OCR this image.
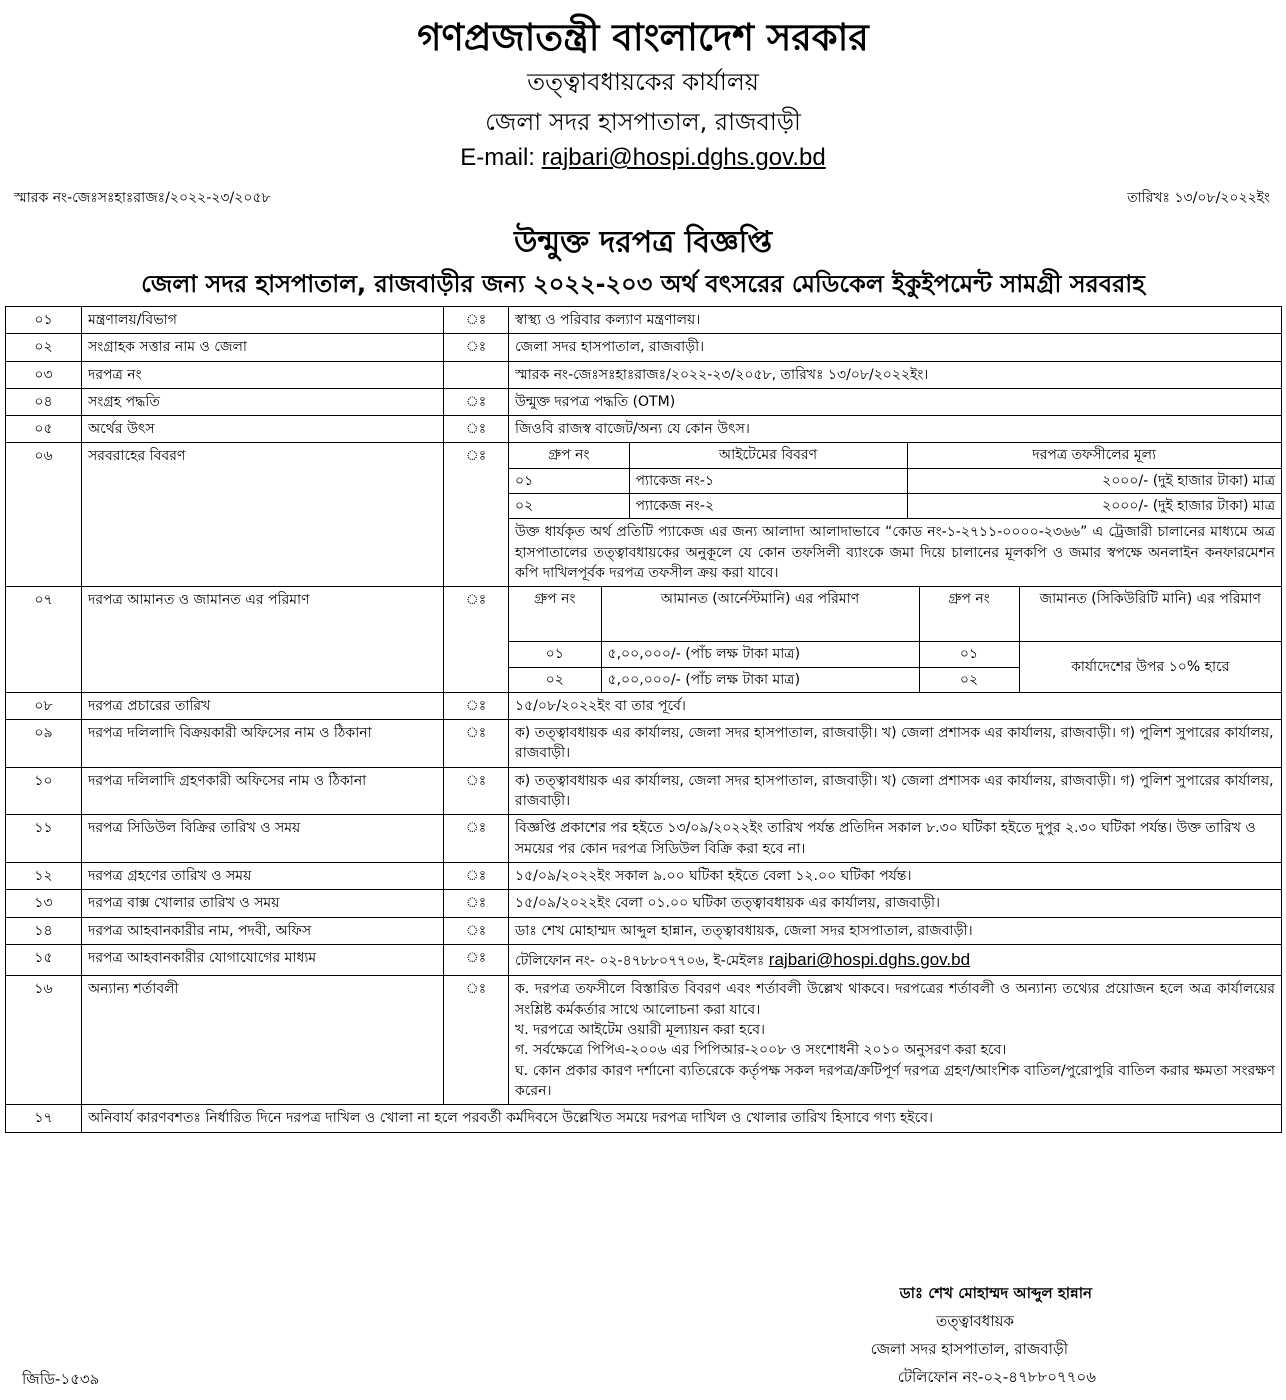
গণপ্রজাতন্ত্রী বাংলাদেশ সরকার
তত্ত্বাবধায়কের কার্যালয়
জেলা সদর হাসপাতাল, রাজবাড়ী
E-mail: rajbari@hospi.dghs.gov.bd
স্মারক নং-জেঃসঃহাঃরাজঃ/২০২২-২৩/২০৫৮	তারিখঃ ১৩/০৮/২০২২ইং
উন্মুক্ত দরপত্র বিজ্ঞপ্তি
জেলা সদর হাসপাতাল, রাজবাড়ীর জন্য ২০২২-২০৩ অর্থ বৎসরের মেডিকেল ইকুইপমেন্ট সামগ্রী সরবরাহ
০১	মন্ত্রণালয়/বিভাগ	ঃ	স্বাস্থ্য ও পরিবার কল্যাণ মন্ত্রণালয়।
০২	সংগ্রাহক সত্তার নাম ও জেলা	ঃ	জেলা সদর হাসপাতাল, রাজবাড়ী।
০৩	দরপত্র নং		স্মারক নং-জেঃসঃহাঃরাজঃ/২০২২-২৩/২০৫৮, তারিখঃ ১৩/০৮/২০২২ইং।
০৪	সংগ্রহ পদ্ধতি	ঃ	উন্মুক্ত দরপত্র পদ্ধতি (OTM)
০৫	অর্থের উৎস	ঃ	জিওবি রাজস্ব বাজেট/অন্য যে কোন উৎস।
০৬	সরবরাহের বিবরণ	ঃ		গ্রুপ নং	আইটেমের বিবরণ	দরপত্র তফসীলের মূল্য
০১	প্যাকেজ নং-১	২০০০/- (দুই হাজার টাকা) মাত্র
০২	প্যাকেজ নং-২	২০০০/- (দুই হাজার টাকা) মাত্র
উক্ত ধার্যকৃত অর্থ প্রতিটি প্যাকেজ এর জন্য আলাদা আলাদাভাবে “কোড নং-১-২৭১১-০০০০-২৩৬৬” এ ট্রেজারী চালানের মাধ্যমে অত্র হাসপাতালের তত্ত্বাবধায়কের অনুকূলে যে কোন তফসিলী ব্যাংকে জমা দিয়ে চালানের মূলকপি ও জমার স্বপক্ষে অনলাইন কনফারমেশন কপি দাখিলপূর্বক দরপত্র তফসীল ক্রয় করা যাবে।

০৭	দরপত্র আমানত ও জামানত এর পরিমাণ	ঃ		গ্রুপ নং	আমানত (আর্নেস্টমানি) এর পরিমাণ	গ্রুপ নং	জামানত (সিকিউরিটি মানি) এর পরিমাণ
০১	৫,০০,০০০/- (পাঁচ লক্ষ টাকা মাত্র)	০১	কার্যাদেশের উপর ১০% হারে
০২	৫,০০,০০০/- (পাঁচ লক্ষ টাকা মাত্র)	০২

০৮	দরপত্র প্রচারের তারিখ	ঃ	১৫/০৮/২০২২ইং বা তার পূর্বে।
০৯	দরপত্র দলিলাদি বিক্রয়কারী অফিসের নাম ও ঠিকানা	ঃ	ক) তত্ত্বাবধায়ক এর কার্যালয়, জেলা সদর হাসপাতাল, রাজবাড়ী। খ) জেলা প্রশাসক এর কার্যালয়, রাজবাড়ী। গ) পুলিশ সুপারের কার্যালয়, রাজবাড়ী।
১০	দরপত্র দলিলাদি গ্রহণকারী অফিসের নাম ও ঠিকানা	ঃ	ক) তত্ত্বাবধায়ক এর কার্যালয়, জেলা সদর হাসপাতাল, রাজবাড়ী। খ) জেলা প্রশাসক এর কার্যালয়, রাজবাড়ী। গ) পুলিশ সুপারের কার্যালয়, রাজবাড়ী।
১১	দরপত্র সিডিউল বিক্রির তারিখ ও সময়	ঃ	বিজ্ঞপ্তি প্রকাশের পর হইতে ১৩/০৯/২০২২ইং তারিখ পর্যন্ত প্রতিদিন সকাল ৮.৩০ ঘটিকা হইতে দুপুর ২.৩০ ঘটিকা পর্যন্ত। উক্ত তারিখ ও সময়ের পর কোন দরপত্র সিডিউল বিক্রি করা হবে না।
১২	দরপত্র গ্রহণের তারিখ ও সময়	ঃ	১৫/০৯/২০২২ইং সকাল ৯.০০ ঘটিকা হইতে বেলা ১২.০০ ঘটিকা পর্যন্ত।
১৩	দরপত্র বাক্স খোলার তারিখ ও সময়	ঃ	১৫/০৯/২০২২ইং বেলা ০১.০০ ঘটিকা তত্ত্বাবধায়ক এর কার্যালয়, রাজবাড়ী।
১৪	দরপত্র আহবানকারীর নাম, পদবী, অফিস	ঃ	ডাঃ শেখ মোহাম্মদ আব্দুল হান্নান, তত্ত্বাবধায়ক, জেলা সদর হাসপাতাল, রাজবাড়ী।
১৫	দরপত্র আহবানকারীর যোগাযোগের মাধ্যম	ঃ	টেলিফোন নং- ০২-৪৭৮৮০৭৭০৬, ই-মেইলঃ rajbari@hospi.dghs.gov.bd
১৬	অন্যান্য শর্তাবলী	ঃ	ক. দরপত্র তফসীলে বিস্তারিত বিবরণ এবং শর্তাবলী উল্লেখ থাকবে। দরপত্রের শর্তাবলী ও অন্যান্য তথ্যের প্রয়োজন হলে অত্র কার্যালয়ের সংশ্লিষ্ট কর্মকর্তার সাথে আলোচনা করা যাবে।
খ. দরপত্রে আইটেম ওয়ারী মূল্যায়ন করা হবে।
গ. সর্বক্ষেত্রে পিপিএ-২০০৬ এর পিপিআর-২০০৮ ও সংশোধনী ২০১০ অনুসরণ করা হবে।
ঘ. কোন প্রকার কারণ দর্শানো ব্যতিরেকে কর্তৃপক্ষ সকল দরপত্র/ক্রটিপূর্ণ দরপত্র গ্রহণ/আংশিক বাতিল/পুরোপুরি বাতিল করার ক্ষমতা সংরক্ষণ করেন।

১৭	অনিবার্য কারণবশতঃ নির্ধারিত দিনে দরপত্র দাখিল ও খোলা না হলে পরবর্তী কর্মদিবসে উল্লেখিত সময়ে দরপত্র দাখিল ও খোলার তারিখ হিসাবে গণ্য হইবে।
ডাঃ শেখ মোহাম্মদ আব্দুল হান্নান
তত্ত্বাবধায়ক
জেলা সদর হাসপাতাল, রাজবাড়ী
টেলিফোন নং-০২-৪৭৮৮০৭৭০৬
জিডি-১৫৩৯
